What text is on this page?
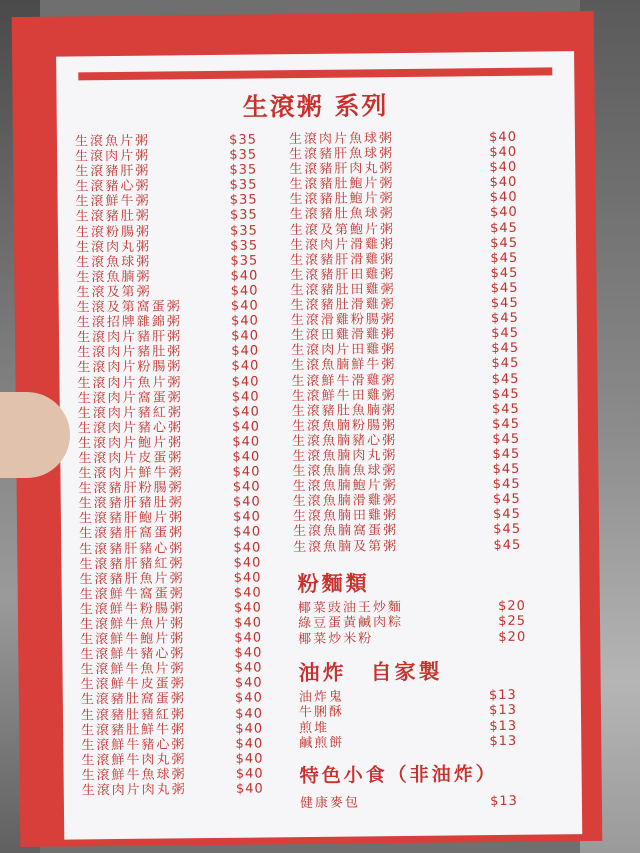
生滾粥 系列
生滾魚片粥	$35
生滾肉片粥	$35
生滾豬肝粥	$35
生滾豬心粥	$35
生滾鮮牛粥	$35
生滾豬肚粥	$35
生滾粉腸粥	$35
生滾肉丸粥	$35
生滾魚球粥	$35
生滾魚腩粥	$40
生滾及第粥	$40
生滾及第窩蛋粥	$40
生滾招牌雜錦粥	$40
生滾肉片豬肝粥	$40
生滾肉片豬肚粥	$40
生滾肉片粉腸粥	$40
生滾肉片魚片粥	$40
生滾肉片窩蛋粥	$40
生滾肉片豬紅粥	$40
生滾肉片豬心粥	$40
生滾肉片鮑片粥	$40
生滾肉片皮蛋粥	$40
生滾肉片鮮牛粥	$40
生滾豬肝粉腸粥	$40
生滾豬肝豬肚粥	$40
生滾豬肝鮑片粥	$40
生滾豬肝窩蛋粥	$40
生滾豬肝豬心粥	$40
生滾豬肝豬紅粥	$40
生滾豬肝魚片粥	$40
生滾鮮牛窩蛋粥	$40
生滾鮮牛粉腸粥	$40
生滾鮮牛魚片粥	$40
生滾鮮牛鮑片粥	$40
生滾鮮牛豬心粥	$40
生滾鮮牛魚片粥	$40
生滾鮮牛皮蛋粥	$40
生滾豬肚窩蛋粥	$40
生滾豬肚豬紅粥	$40
生滾豬肚鮮牛粥	$40
生滾鮮牛豬心粥	$40
生滾鮮牛肉丸粥	$40
生滾鮮牛魚球粥	$40
生滾肉片肉丸粥	$40
生滾肉片魚球粥	$40
生滾豬肝魚球粥	$40
生滾豬肝肉丸粥	$40
生滾豬肚鮑片粥	$40
生滾豬肚鮑片粥	$40
生滾豬肚魚球粥	$40
生滾及第鮑片粥	$45
生滾肉片滑雞粥	$45
生滾豬肝滑雞粥	$45
生滾豬肝田雞粥	$45
生滾豬肚田雞粥	$45
生滾豬肚滑雞粥	$45
生滾滑雞粉腸粥	$45
生滾田雞滑雞粥	$45
生滾肉片田雞粥	$45
生滾魚腩鮮牛粥	$45
生滾鮮牛滑雞粥	$45
生滾鮮牛田雞粥	$45
生滾豬肚魚腩粥	$45
生滾魚腩粉腸粥	$45
生滾魚腩豬心粥	$45
生滾魚腩肉丸粥	$45
生滾魚腩魚球粥	$45
生滾魚腩鮑片粥	$45
生滾魚腩滑雞粥	$45
生滾魚腩田雞粥	$45
生滾魚腩窩蛋粥	$45
生滾魚腩及第粥	$45
粉麵類
椰菜豉油王炒麵	$20
綠豆蛋黃鹹肉粽	$25
椰菜炒米粉	$20
油炸　自家製
油炸鬼	$13
牛脷酥	$13
煎堆	$13
鹹煎餅	$13
特色小食（非油炸）
健康麥包	$13
